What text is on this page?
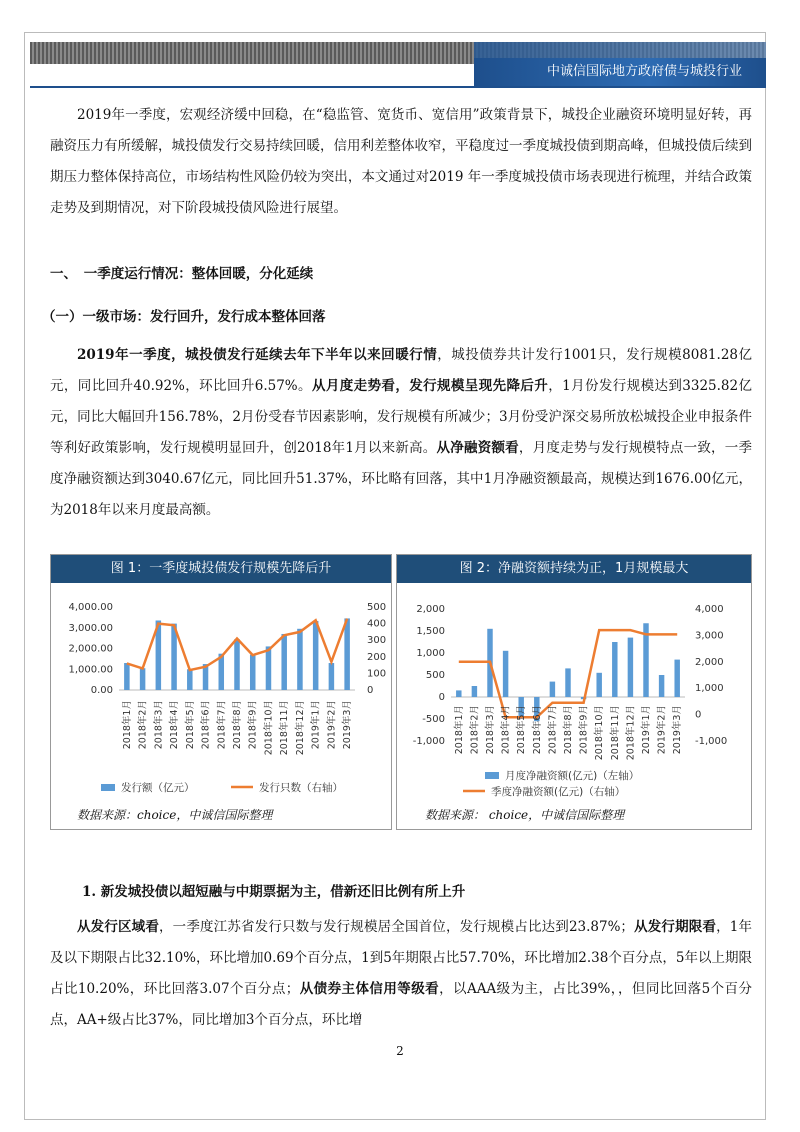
中诚信国际地方政府债与城投行业
2019年一季度，宏观经济缓中回稳，在“稳监管、宽货币、宽信用”政策背景下，城投企业融资环境明显好转，再融资压力有所缓解，城投债发行交易持续回暖，信用利差整体收窄，平稳度过一季度城投债到期高峰，但城投债后续到期压力整体保持高位，市场结构性风险仍较为突出，本文通过对2019 年一季度城投债市场表现进行梳理，并结合政策走势及到期情况，对下阶段城投债风险进行展望。
一、　一季度运行情况：整体回暖，分化延续
（一）一级市场：发行回升，发行成本整体回落
2019年一季度，城投债发行延续去年下半年以来回暖行情，城投债券共计发行1001只，发行规模8081.28亿元，同比回升40.92%，环比回升6.57%。从月度走势看，发行规模呈现先降后升，1月份发行规模达到3325.82亿元，同比大幅回升156.78%，2月份受春节因素影响，发行规模有所减少；3月份受沪深交易所放松城投企业申报条件等利好政策影响，发行规模明显回升，创2018年1月以来新高。从净融资额看，月度走势与发行规模特点一致，一季度净融资额达到3040.67亿元，同比回升51.37%，环比略有回落，其中1月净融资额最高，规模达到1676.00亿元，为2018年以来月度最高额。
图 1：一季度城投债发行规模先降后升
4,000.00
3,000.00
2,000.00
1,000.00
0.00
500
400
300
200
100
0
2018年1月 2018年2月 2018年3月 2018年4月 2018年5月 2018年6月 2018年7月 2018年8月 2018年9月 2018年10月 2018年11月 2018年12月 2019年1月 2019年2月 2019年3月
发行额（亿元）	发行只数（右轴）
数据来源：choice，中诚信国际整理
图 2：净融资额持续为正，1月规模最大
2,000
1,500
1,000
500
0
-500
-1,000
4,000
3,000
2,000
1,000
0
-1,000
2018年1月 2018年2月 2018年3月 2018年4月 2018年5月 2018年6月 2018年7月 2018年8月 2018年9月 2018年10月 2018年11月 2018年12月 2019年1月 2019年2月 2019年3月
月度净融资额(亿元)（左轴）
季度净融资额(亿元)（右轴）
数据来源： choice，中诚信国际整理
1. 新发城投债以超短融与中期票据为主，借新还旧比例有所上升
从发行区域看，一季度江苏省发行只数与发行规模居全国首位，发行规模占比达到23.87%；从发行期限看，1年及以下期限占比32.10%，环比增加0.69个百分点，1到5年期限占比57.70%，环比增加2.38个百分点，5年以上期限占比10.20%，环比回落3.07个百分点；从债券主体信用等级看，以AAA级为主，占比39%，，但同比回落5个百分点，AA+级占比37%，同比增加3个百分点，环比增
2
